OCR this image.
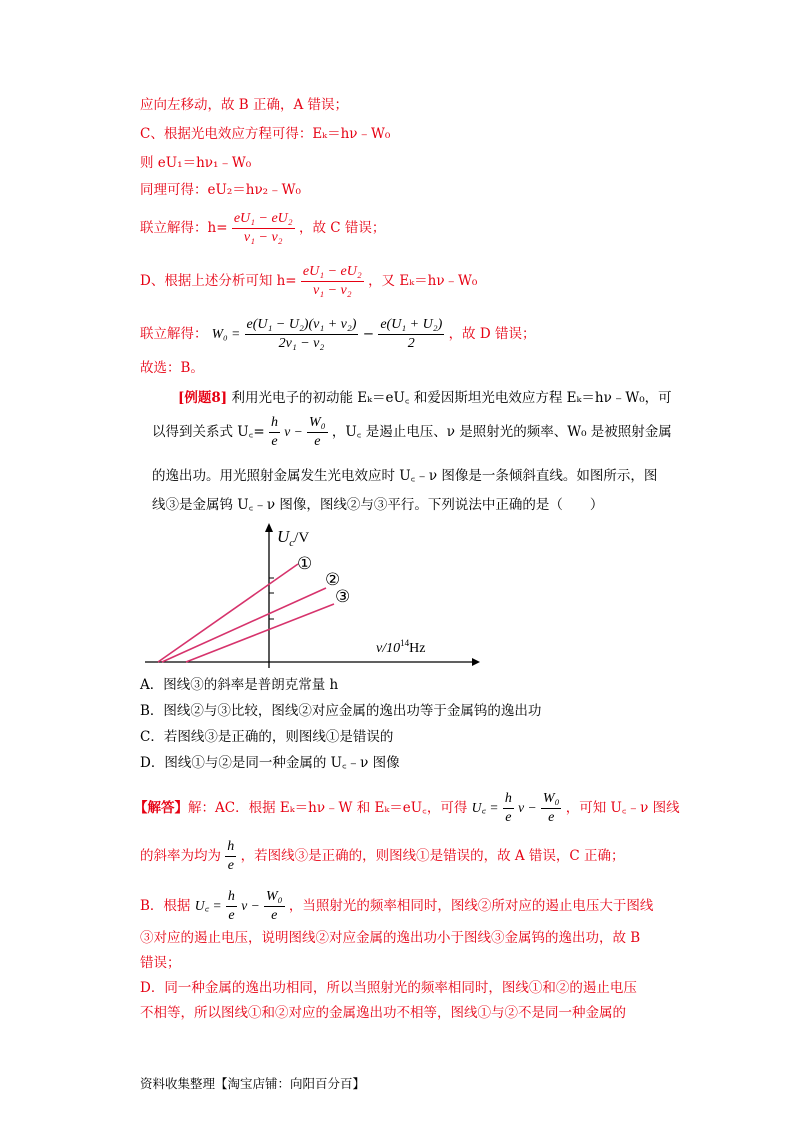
应向左移动，故 B 正确，A 错误；
C、根据光电效应方程可得：Eₖ＝hν﹣W₀
则 eU₁＝hν₁﹣W₀
同理可得：eU₂＝hν₂﹣W₀
联立解得：$h= \frac{\text{eU₁ − eU₂}}{\text{ν₁ − ν₂}}$ ，故 C 错误；
D、根据上述分析可知 $h= \frac{\text{eU₁ − eU₂}}{\text{ν₁ − ν₂}}$ ，又 Eₖ＝hν﹣W₀
联立解得： $W_0 = \frac{\text{e(U₁ − U₂)(ν₁ + ν₂)}}{\text{2ν₁ − ν₂}} - \frac{\text{e(U₁ + U₂)}}{2}$ ，故 D 错误；
故选：B。
[例题8] 利用光电子的初动能 Eₖ＝eU꜀ 和爱因斯坦光电效应方程 Eₖ＝hν﹣W₀，可
以得到关系式 U꜀= $\frac{h}{e}$ $\nu - \frac{\text{W₀}}{e}$ ，U꜀ 是遏止电压、ν 是照射光的频率、W₀ 是被照射金属
的逸出功。用光照射金属发生光电效应时 U꜀﹣ν 图像是一条倾斜直线。如图所示，图
线③是金属钨 U꜀﹣ν 图像，图线②与③平行。下列说法中正确的是（　　）
$U_c/V$
$\nu/10^{14}Hz$
①
②
③
A．图线③的斜率是普朗克常量 h
B．图线②与③比较，图线②对应金属的逸出功等于金属钨的逸出功
C．若图线③是正确的，则图线①是错误的
D．图线①与②是同一种金属的 U꜀﹣ν 图像
【解答】解：AC．根据 Eₖ＝hν﹣W 和 Eₖ＝eU꜀，可得 U꜀ = $\frac{h}{e}$ $\nu - \frac{\text{W₀}}{e}$ ，可知 U꜀﹣ν 图线
的斜率为均为 $\frac{h}{e}$ ，若图线③是正确的，则图线①是错误的，故 A 错误，C 正确；
B．根据 U꜀ = $\frac{h}{e}$ $\nu - \frac{\text{W₀}}{e}$ ，当照射光的频率相同时，图线②所对应的遏止电压大于图线
③对应的遏止电压，说明图线②对应金属的逸出功小于图线③金属钨的逸出功，故 B
错误；
D．同一种金属的逸出功相同，所以当照射光的频率相同时，图线①和②的遏止电压
不相等，所以图线①和②对应的金属逸出功不相等，图线①与②不是同一种金属的
资料收集整理【淘宝店铺：向阳百分百】
